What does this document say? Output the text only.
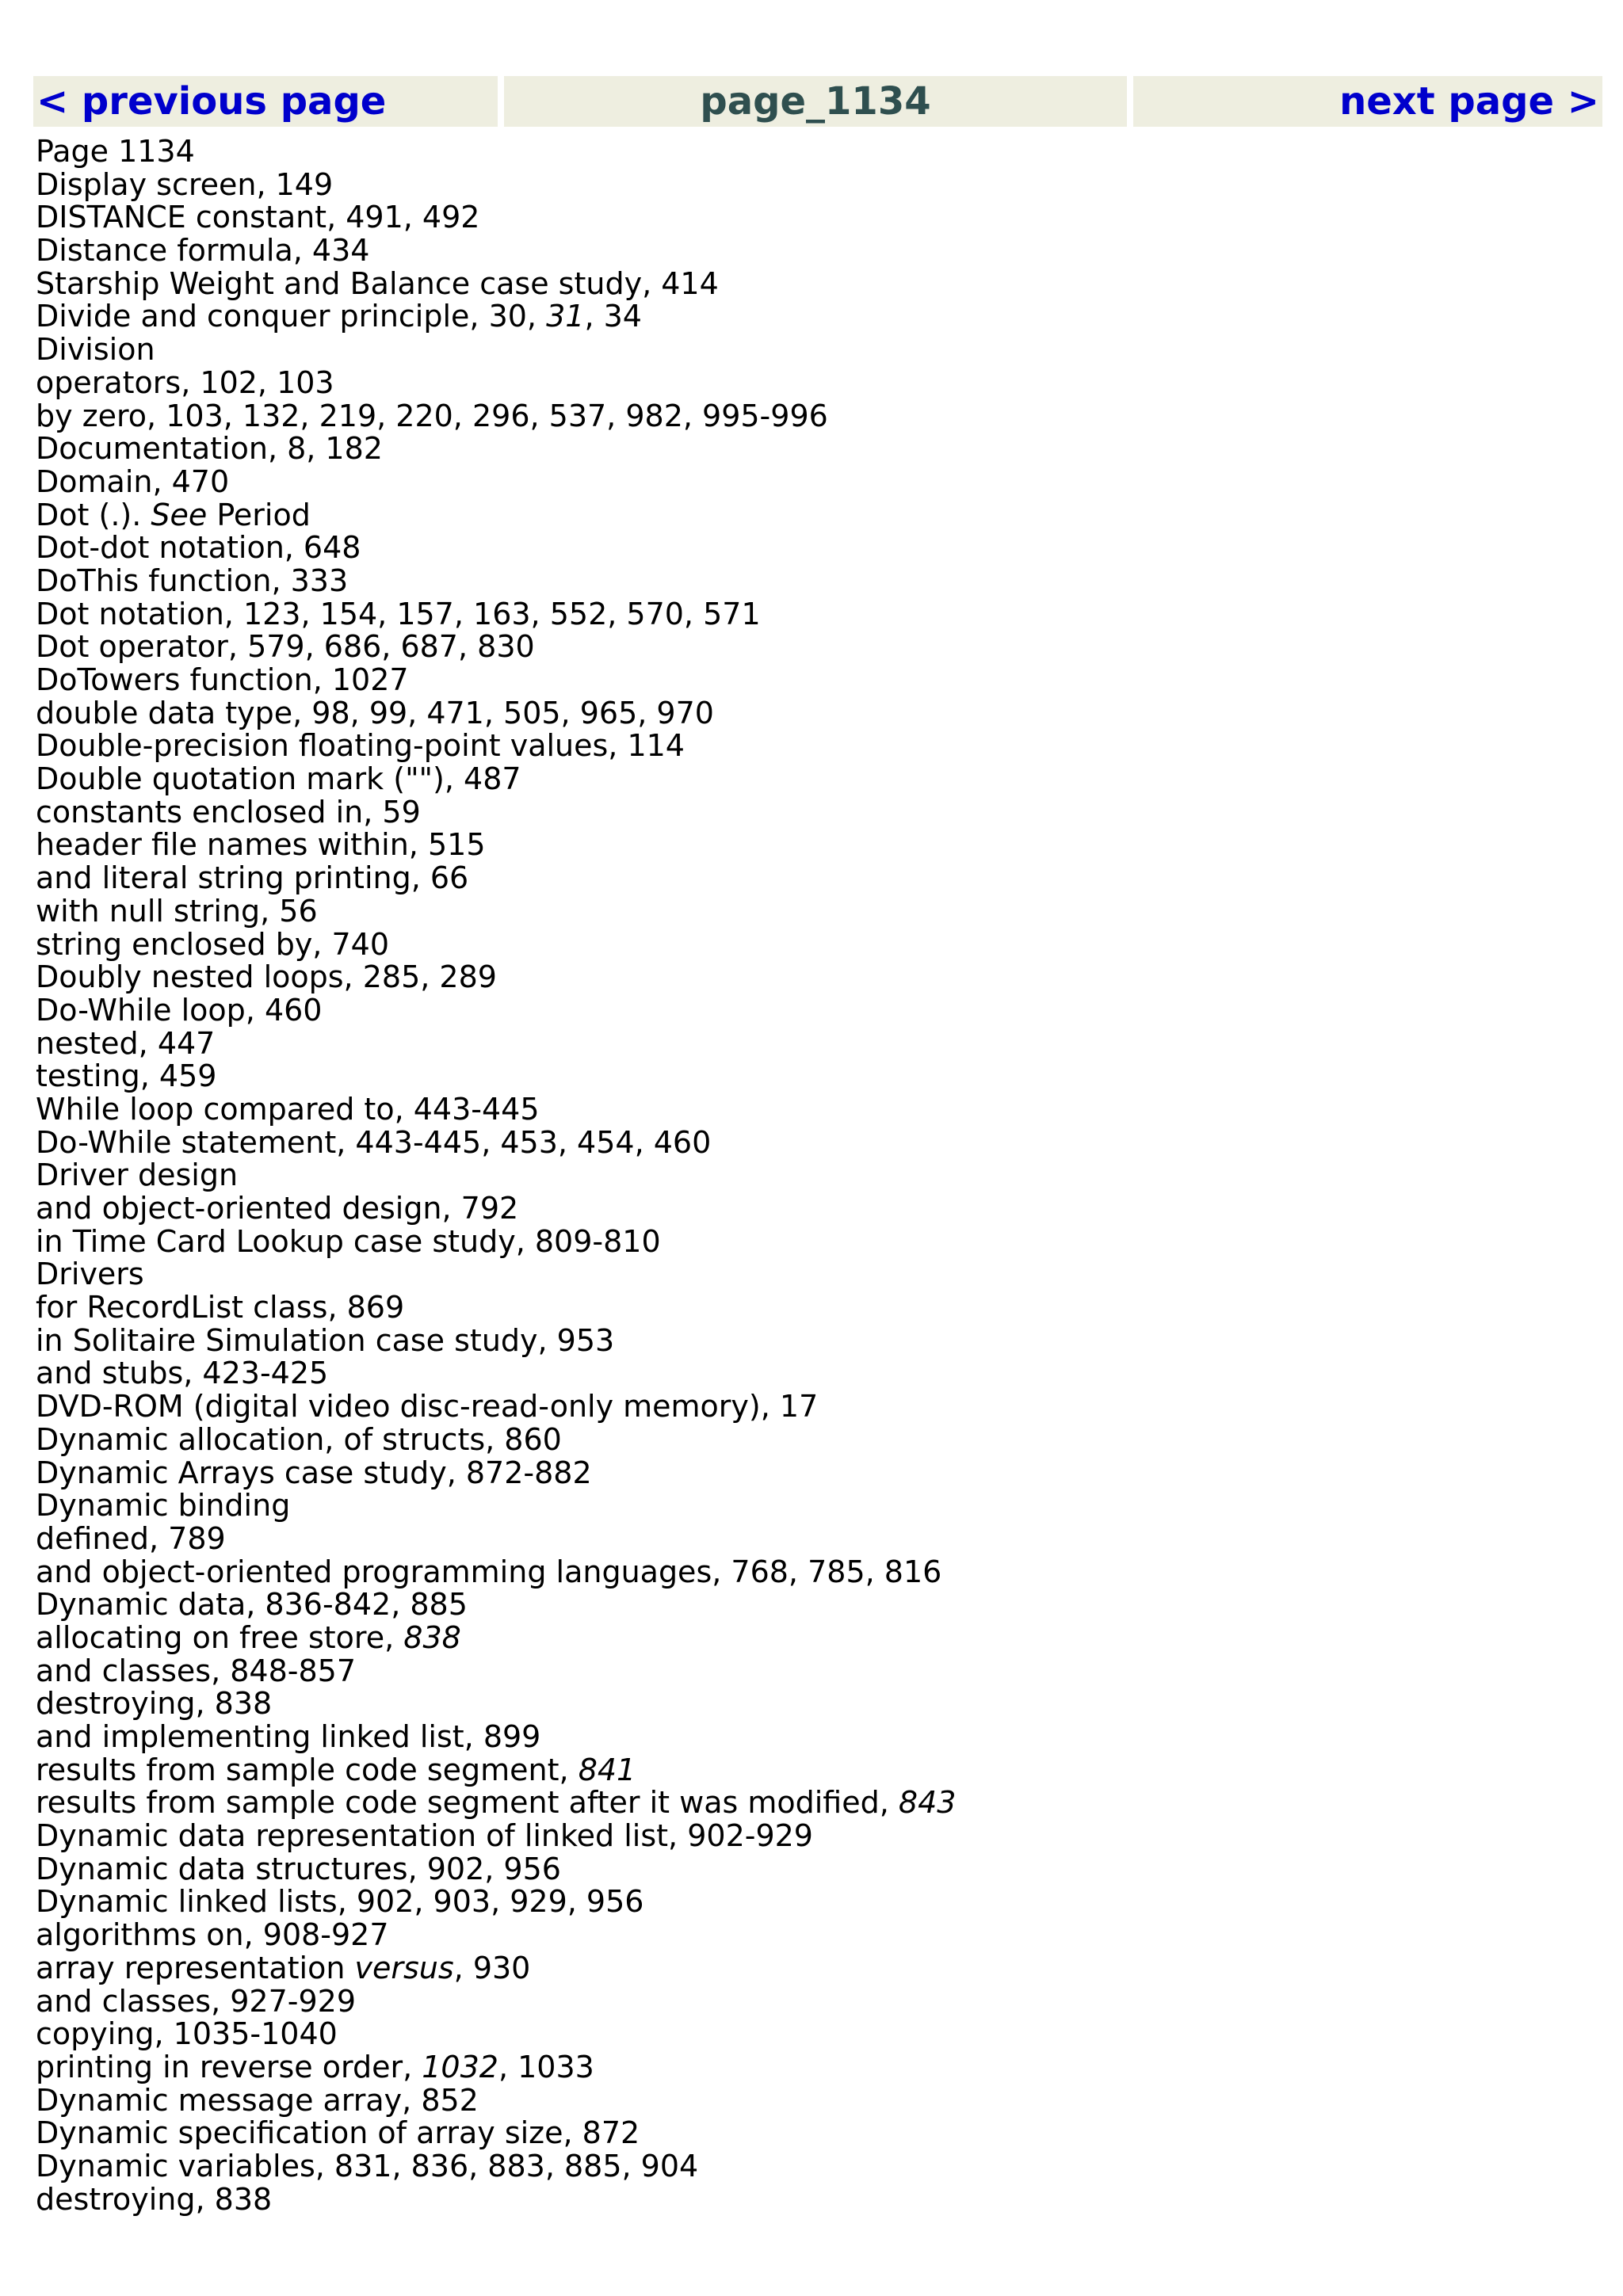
< previous page	page_1134	next page >
Page 1134
Display screen, 149
DISTANCE constant, 491, 492
Distance formula, 434
Starship Weight and Balance case study, 414
Divide and conquer principle, 30, 31, 34
Division
operators, 102, 103
by zero, 103, 132, 219, 220, 296, 537, 982, 995-996
Documentation, 8, 182
Domain, 470
Dot (.). See Period
Dot-dot notation, 648
DoThis function, 333
Dot notation, 123, 154, 157, 163, 552, 570, 571
Dot operator, 579, 686, 687, 830
DoTowers function, 1027
double data type, 98, 99, 471, 505, 965, 970
Double-precision floating-point values, 114
Double quotation mark (""), 487
constants enclosed in, 59
header file names within, 515
and literal string printing, 66
with null string, 56
string enclosed by, 740
Doubly nested loops, 285, 289
Do-While loop, 460
nested, 447
testing, 459
While loop compared to, 443-445
Do-While statement, 443-445, 453, 454, 460
Driver design
and object-oriented design, 792
in Time Card Lookup case study, 809-810
Drivers
for RecordList class, 869
in Solitaire Simulation case study, 953
and stubs, 423-425
DVD-ROM (digital video disc-read-only memory), 17
Dynamic allocation, of structs, 860
Dynamic Arrays case study, 872-882
Dynamic binding
defined, 789
and object-oriented programming languages, 768, 785, 816
Dynamic data, 836-842, 885
allocating on free store, 838
and classes, 848-857
destroying, 838
and implementing linked list, 899
results from sample code segment, 841
results from sample code segment after it was modified, 843
Dynamic data representation of linked list, 902-929
Dynamic data structures, 902, 956
Dynamic linked lists, 902, 903, 929, 956
algorithms on, 908-927
array representation versus, 930
and classes, 927-929
copying, 1035-1040
printing in reverse order, 1032, 1033
Dynamic message array, 852
Dynamic specification of array size, 872
Dynamic variables, 831, 836, 883, 885, 904
destroying, 838
